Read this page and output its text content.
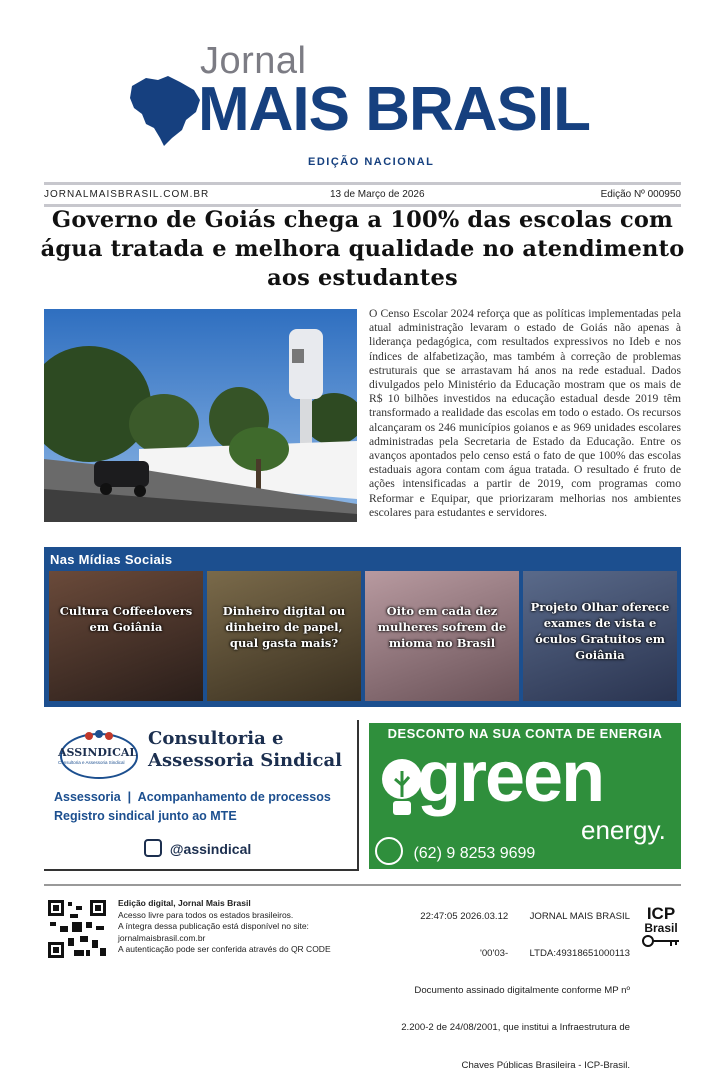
Jornal
MAIS BRASIL
EDIÇÃO NACIONAL
JORNALMAISBRASIL.COM.BR	13 de Março de 2026	Edição Nº 000950
Governo de Goiás chega a 100% das escolas com água tratada e melhora qualidade no atendimento aos estudantes

O Censo Escolar 2024 reforça que as políticas implementadas pela atual administração levaram o estado de Goiás não apenas à liderança pedagógica, com resultados expressivos no Ideb e nos índices de alfabetização, mas também à correção de problemas estruturais que se arrastavam há anos na rede estadual. Dados divulgados pelo Ministério da Educação mostram que os mais de R$ 10 bilhões investidos na educação estadual desde 2019 têm transformado a realidade das escolas em todo o estado. Os recursos alcançaram os 246 municípios goianos e as 969 unidades escolares administradas pela Secretaria de Estado da Educação. Entre os avanços apontados pelo censo está o fato de que 100% das escolas estaduais agora contam com água tratada. O resultado é fruto de ações intensificadas a partir de 2019, com programas como Reformar e Equipar, que priorizaram melhorias nos ambientes escolares para estudantes e servidores.

Nas Mídias Sociais
Cultura Coffeelovers em Goiânia
Dinheiro digital ou dinheiro de papel, qual gasta mais?
Oito em cada dez mulheres sofrem de mioma no Brasil
Projeto Olhar oferece exames de vista e óculos Gratuitos em Goiânia
ASSINDICAL
Consultoria e Assessoria Sindical
Consultoria e
Assessoria Sindical
Assessoria  |  Acompanhamento de processos
Registro sindical junto ao MTE
@assindical
DESCONTO NA SUA CONTA DE ENERGIA
green
energy.
(62) 9 8253 9699
Edição digital, Jornal Mais Brasil
Acesso livre para todos os estados brasileiros.
A íntegra dessa publicação está disponível no site:
jornalmaisbrasil.com.br
A autenticação pode ser conferida através do QR CODE

22:47:05 2026.03.12        JORNAL MAIS BRASIL

'00'03-        LTDA:49318651000113

Documento assinado digitalmente conforme MP nº

2.200-2 de 24/08/2001, que institui a Infraestrutura de

Chaves Públicas Brasileira - ICP-Brasil.

ICP
Brasil
